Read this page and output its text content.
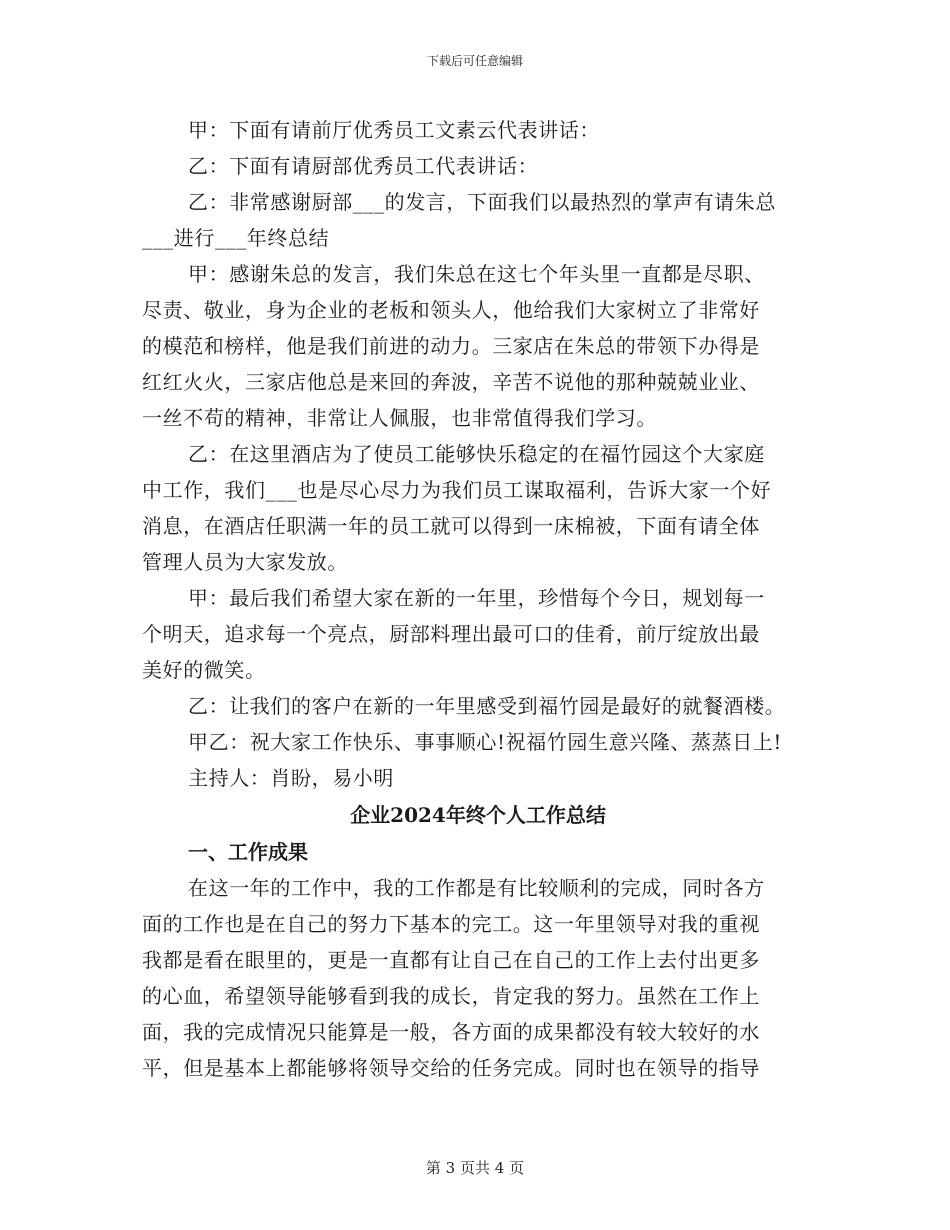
下载后可任意编辑
甲：下面有请前厅优秀员工文素云代表讲话：
乙：下面有请厨部优秀员工代表讲话：
乙：非常感谢厨部___的发言，下面我们以最热烈的掌声有请朱总
___进行___年终总结
甲：感谢朱总的发言，我们朱总在这七个年头里一直都是尽职、
尽责、敬业，身为企业的老板和领头人，他给我们大家树立了非常好
的模范和榜样，他是我们前进的动力。三家店在朱总的带领下办得是
红红火火，三家店他总是来回的奔波，辛苦不说他的那种兢兢业业、
一丝不苟的精神，非常让人佩服，也非常值得我们学习。
乙：在这里酒店为了使员工能够快乐稳定的在福竹园这个大家庭
中工作，我们___也是尽心尽力为我们员工谋取福利，告诉大家一个好
消息，在酒店任职满一年的员工就可以得到一床棉被，下面有请全体
管理人员为大家发放。
甲：最后我们希望大家在新的一年里，珍惜每个今日，规划每一
个明天，追求每一个亮点，厨部料理出最可口的佳肴，前厅绽放出最
美好的微笑。
乙：让我们的客户在新的一年里感受到福竹园是最好的就餐酒楼。
甲乙：祝大家工作快乐、事事顺心!祝福竹园生意兴隆、蒸蒸日上!
主持人：肖盼，易小明
企业2024年终个人工作总结
一、工作成果
在这一年的工作中，我的工作都是有比较顺利的完成，同时各方
面的工作也是在自己的努力下基本的完工。这一年里领导对我的重视
我都是看在眼里的，更是一直都有让自己在自己的工作上去付出更多
的心血，希望领导能够看到我的成长，肯定我的努力。虽然在工作上
面，我的完成情况只能算是一般，各方面的成果都没有较大较好的水
平，但是基本上都能够将领导交给的任务完成。同时也在领导的指导
第 3 页共 4 页
